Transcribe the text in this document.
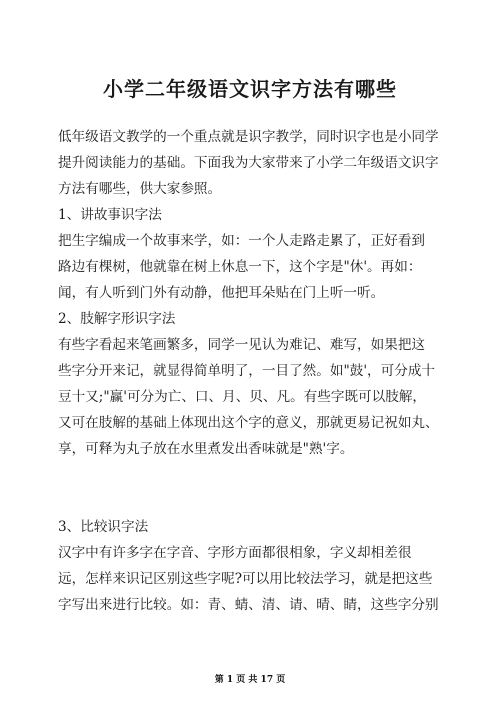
小学二年级语文识字方法有哪些
低年级语文教学的一个重点就是识字教学，同时识字也是小同学
提升阅读能力的基础。下面我为大家带来了小学二年级语文识字
方法有哪些，供大家参照。
1、讲故事识字法
把生字编成一个故事来学，如：一个人走路走累了，正好看到
路边有棵树，他就靠在树上休息一下，这个字是"休'。再如：
闻，有人听到门外有动静，他把耳朵贴在门上听一听。
2、肢解字形识字法
有些字看起来笔画繁多，同学一见认为难记、难写，如果把这
些字分开来记，就显得简单明了，一目了然。如"鼓'，可分成十
豆十又;"赢'可分为亡、口、月、贝、凡。有些字既可以肢解，
又可在肢解的基础上体现出这个字的意义，那就更易记祝如丸、
享，可释为丸子放在水里煮发出香味就是"熟'字。
3、比较识字法
汉字中有许多字在字音、字形方面都很相象，字义却相差很
远，怎样来识记区别这些字呢?可以用比较法学习，就是把这些
字写出来进行比较。如：青、蜻、清、请、晴、睛，这些字分别
第 1 页 共 17 页
